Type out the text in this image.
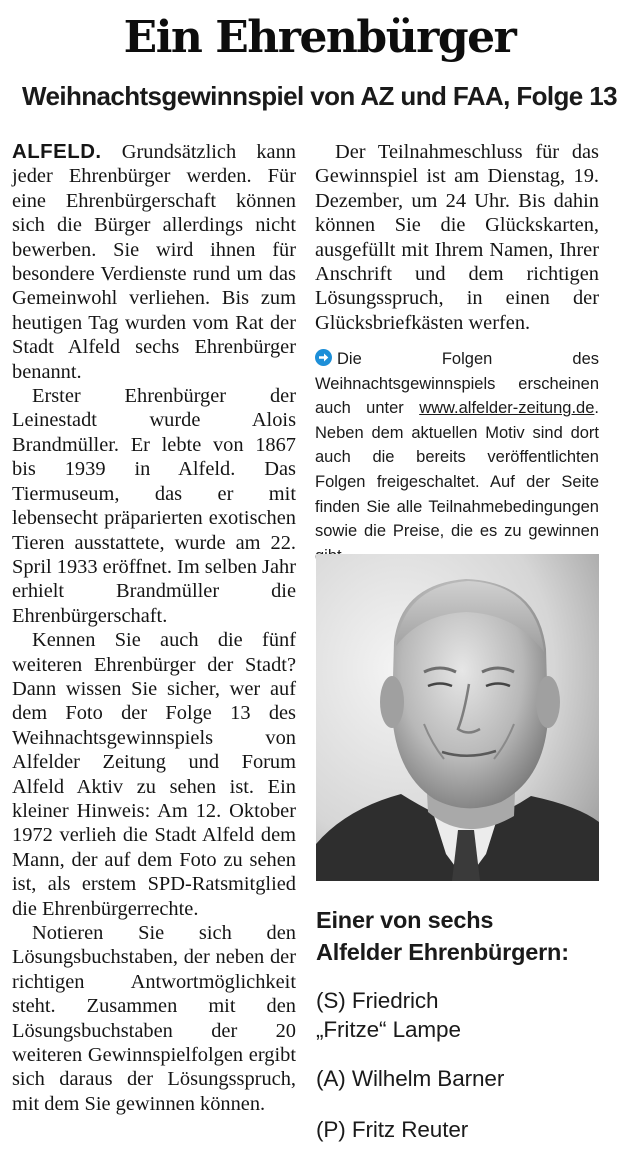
Ein Ehrenbürger
Weihnachtsgewinnspiel von AZ und FAA, Folge 13

ALFELD. Grundsätzlich kann jeder Ehrenbürger werden. Für eine Ehrenbürgerschaft können sich die Bürger allerdings nicht bewerben. Sie wird ihnen für besondere Verdienste rund um das Gemeinwohl verliehen. Bis zum heutigen Tag wurden vom Rat der Stadt Alfeld sechs Ehrenbürger benannt.

Erster Ehrenbürger der Leinestadt wurde Alois Brandmüller. Er lebte von 1867 bis 1939 in Alfeld. Das Tiermuseum, das er mit lebensecht präparierten exotischen Tieren ausstattete, wurde am 22. Spril 1933 eröffnet. Im selben Jahr erhielt Brandmüller die Ehrenbürgerschaft.

Kennen Sie auch die fünf weiteren Ehrenbürger der Stadt? Dann wissen Sie sicher, wer auf dem Foto der Folge 13 des Weihnachtsgewinnspiels von Alfelder Zeitung und Forum Alfeld Aktiv zu sehen ist. Ein kleiner Hinweis: Am 12. Oktober 1972 verlieh die Stadt Alfeld dem Mann, der auf dem Foto zu sehen ist, als erstem SPD-Ratsmitglied die Ehrenbürgerrechte.

Notieren Sie sich den Lösungsbuchstaben, der neben der richtigen Antwortmöglichkeit steht. Zusammen mit den Lösungsbuchstaben der 20 weiteren Gewinnspielfolgen ergibt sich daraus der Lösungsspruch, mit dem Sie gewinnen können.

Der Teilnahmeschluss für das Gewinnspiel ist am Dienstag, 19. Dezember, um 24 Uhr. Bis dahin können Sie die Glückskarten, ausgefüllt mit Ihrem Namen, Ihrer Anschrift und dem richtigen Lösungsspruch, in einen der Glücksbriefkästen werfen.

Die Folgen des Weihnachtsgewinnspiels erscheinen auch unter www.alfelder-zeitung.de. Neben dem aktuellen Motiv sind dort auch die bereits veröffentlichten Folgen freigeschaltet. Auf der Seite finden Sie alle Teilnahmebedingungen sowie die Preise, die es zu gewinnen

Einer von sechs
Alfelder Ehrenbürgern:

(S) Friedrich
„Fritze“ Lampe

(A) Wilhelm Barner

(P) Fritz Reuter
